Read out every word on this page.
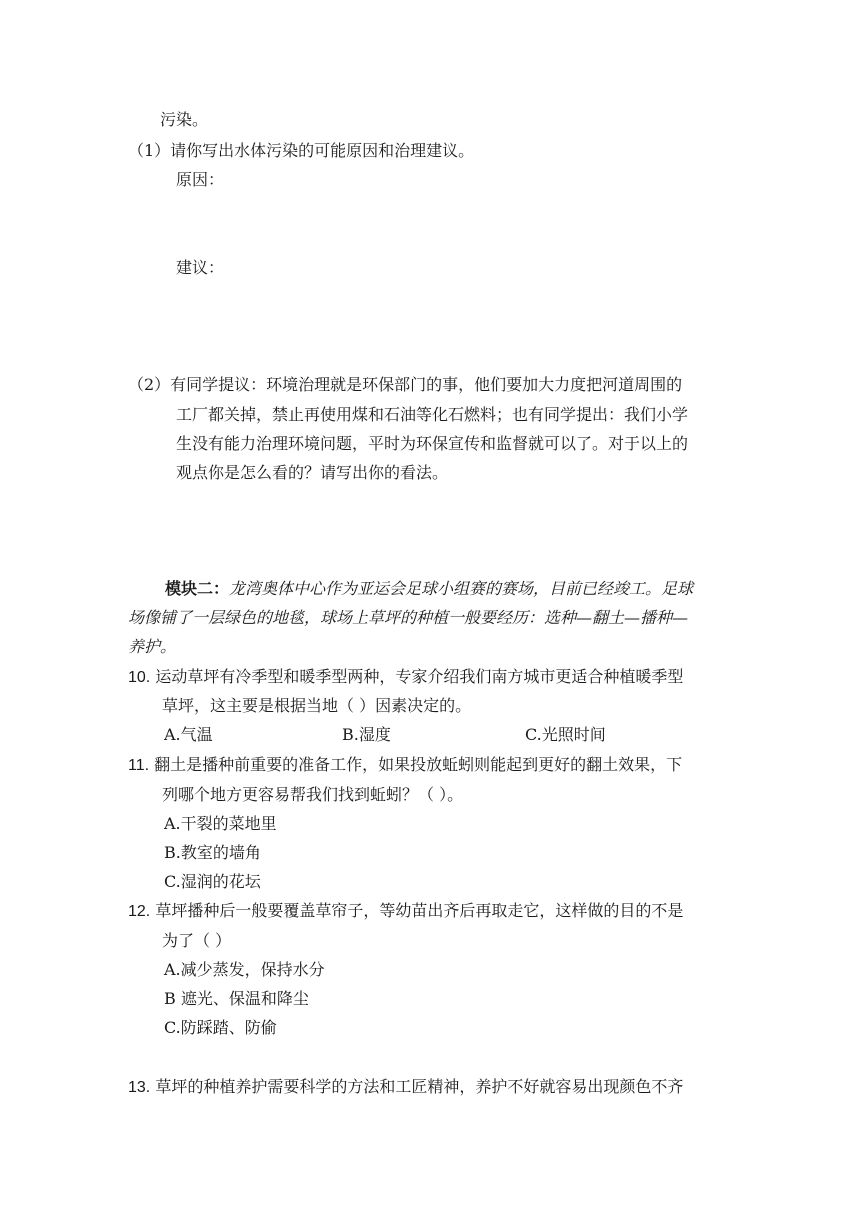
污染。
（1）请你写出水体污染的可能原因和治理建议。
原因：
建议：
（2）有同学提议：环境治理就是环保部门的事，他们要加大力度把河道周围的
工厂都关掉，禁止再使用煤和石油等化石燃料；也有同学提出：我们小学
生没有能力治理环境问题，平时为环保宣传和监督就可以了。对于以上的
观点你是怎么看的？请写出你的看法。
模块二：龙湾奥体中心作为亚运会足球小组赛的赛场，目前已经竣工。足球
场像铺了一层绿色的地毯，球场上草坪的种植一般要经历：选种—翻土—播种—
养护。
10. 运动草坪有冷季型和暖季型两种，专家介绍我们南方城市更适合种植暖季型
草坪，这主要是根据当地（ ）因素决定的。
A.气温	B.湿度	C.光照时间
11. 翻土是播种前重要的准备工作，如果投放蚯蚓则能起到更好的翻土效果，下
列哪个地方更容易帮我们找到蚯蚓？（ ）。
A.干裂的菜地里
B.教室的墙角
C.湿润的花坛
12. 草坪播种后一般要覆盖草帘子，等幼苗出齐后再取走它，这样做的目的不是
为了（ ）
A.减少蒸发，保持水分
B 遮光、保温和降尘
C.防踩踏、防偷
13. 草坪的种植养护需要科学的方法和工匠精神，养护不好就容易出现颜色不齐
